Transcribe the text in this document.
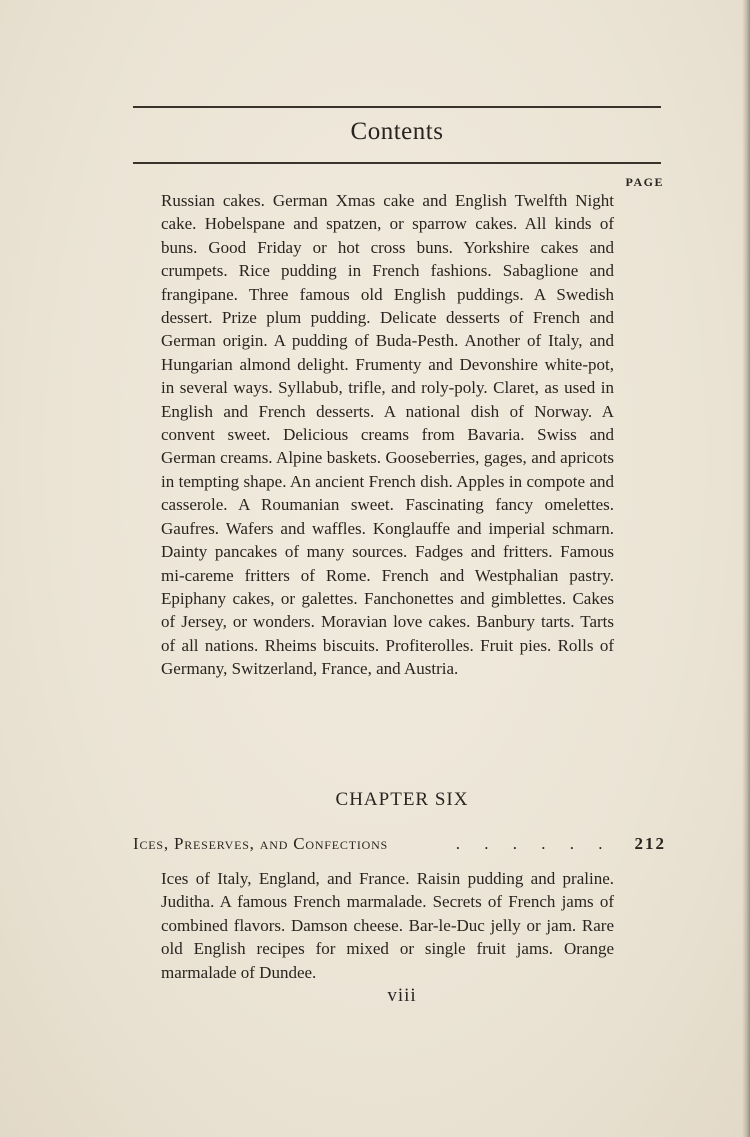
Contents
PAGE

Russian cakes. German Xmas cake and English Twelfth Night cake. Hobelspane and spatzen, or sparrow cakes. All kinds of buns. Good Friday or hot cross buns. Yorkshire cakes and crumpets. Rice pudding in French fashions. Sabaglione and frangipane. Three famous old English puddings. A Swedish dessert. Prize plum pudding. Delicate desserts of French and German origin. A pudding of Buda-Pesth. Another of Italy, and Hungarian almond delight. Frumenty and Devonshire white-pot, in several ways. Syllabub, trifle, and roly-poly. Claret, as used in English and French desserts. A national dish of Norway. A convent sweet. Delicious creams from Bavaria. Swiss and German creams. Alpine baskets. Gooseberries, gages, and apricots in tempting shape. An ancient French dish. Apples in compote and casserole. A Roumanian sweet. Fascinating fancy omelettes. Gaufres. Wafers and waffles. Konglauffe and imperial schmarn. Dainty pancakes of many sources. Fadges and fritters. Famous mi-careme fritters of Rome. French and Westphalian pastry. Epiphany cakes, or galettes. Fanchonettes and gimblettes. Cakes of Jersey, or wonders. Moravian love cakes. Banbury tarts. Tarts of all nations. Rheims biscuits. Profiterolles. Fruit pies. Rolls of Germany, Switzerland, France, and Austria.

CHAPTER SIX
Ices, Preserves, and Confections	. . . . . .	212

Ices of Italy, England, and France. Raisin pudding and praline. Juditha. A famous French marmalade. Secrets of French jams of combined flavors. Damson cheese. Bar-le-Duc jelly or jam. Rare old English recipes for mixed or single fruit jams. Orange marmalade of Dundee.

viii
